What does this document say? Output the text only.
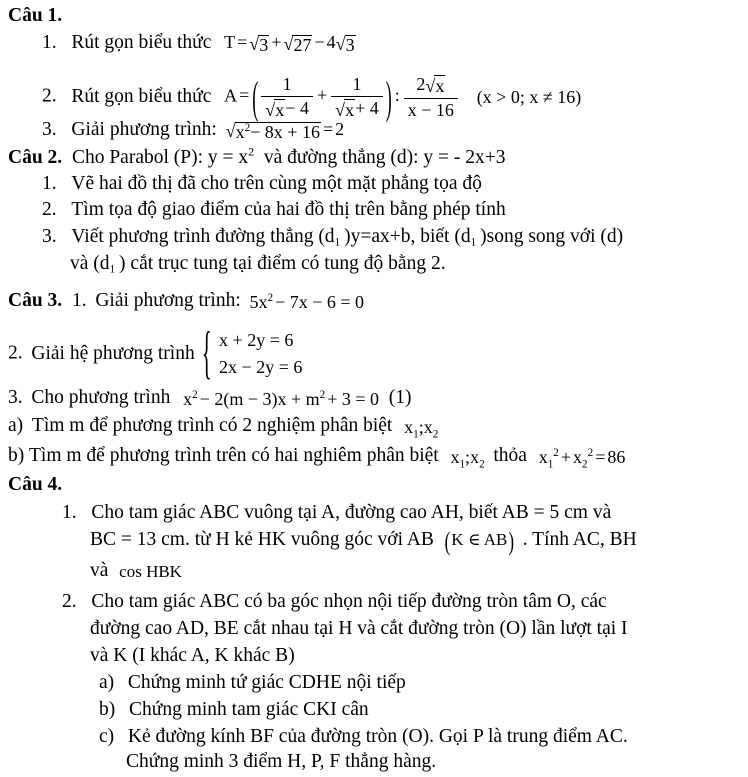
Câu 1.
1. Rút gọn biểu thức T = √ 3 + √ 27 − 4 √ 3
2. Rút gọn biểu thức A = ( $\frac{1}{√ x- 4} + \frac{1}{√ x+ 4}$ ) : $\frac{2 √ x}{x - 16} (x > 0$; x ≠ 16)
3. Giải phương trình: √ $x^2- 8x + 16 = 2$
Câu 2. Cho Parabol (P): $y = x^2$ và đường thẳng (d): y = - 2x+3
1. Vẽ hai đồ thị đã cho trên cùng một mặt phẳng tọa độ
2. Tìm tọa độ giao điểm của hai đồ thị trên bằng phép tính
3. Viết phương trình đường thẳng (d1 )y=ax+b, biết (d1 )song song với (d)
và (d1 ) cắt trục tung tại điểm có tung độ bằng 2.
Câu 3. 1. Giải phương trình: $5x^2 - 7x - 6 = 0$
2. Giải hệ phương trình { x + 2y = 6
2x − 2y = 6
3. Cho phương trình $x^2 - 2(m - 3)x + m^2 + 3 = 0$ (1)
a) Tìm m để phương trình có 2 nghiệm phân biệt $x_1;x_2$
b) Tìm m để phương trình trên có hai nghiêm phân biệt $x_1;x_2$ thỏa $x_1^2 + x_2^2 = 86$
Câu 4.
1. Cho tam giác ABC vuông tại A, đường cao AH, biết AB = 5 cm và
BC = 13 cm. từ H kẻ HK vuông góc với AB (K ∈ AB) . Tính AC, BH
và cos HBK
2. Cho tam giác ABC có ba góc nhọn nội tiếp đường tròn tâm O, các
đường cao AD, BE cắt nhau tại H và cắt đường tròn (O) lần lượt tại I
và K (I khác A, K khác B)
a) Chứng minh tứ giác CDHE nội tiếp
b) Chứng minh tam giác CKI cân
c) Kẻ đường kính BF của đường tròn (O). Gọi P là trung điểm AC.
Chứng minh 3 điểm H, P, F thẳng hàng.
